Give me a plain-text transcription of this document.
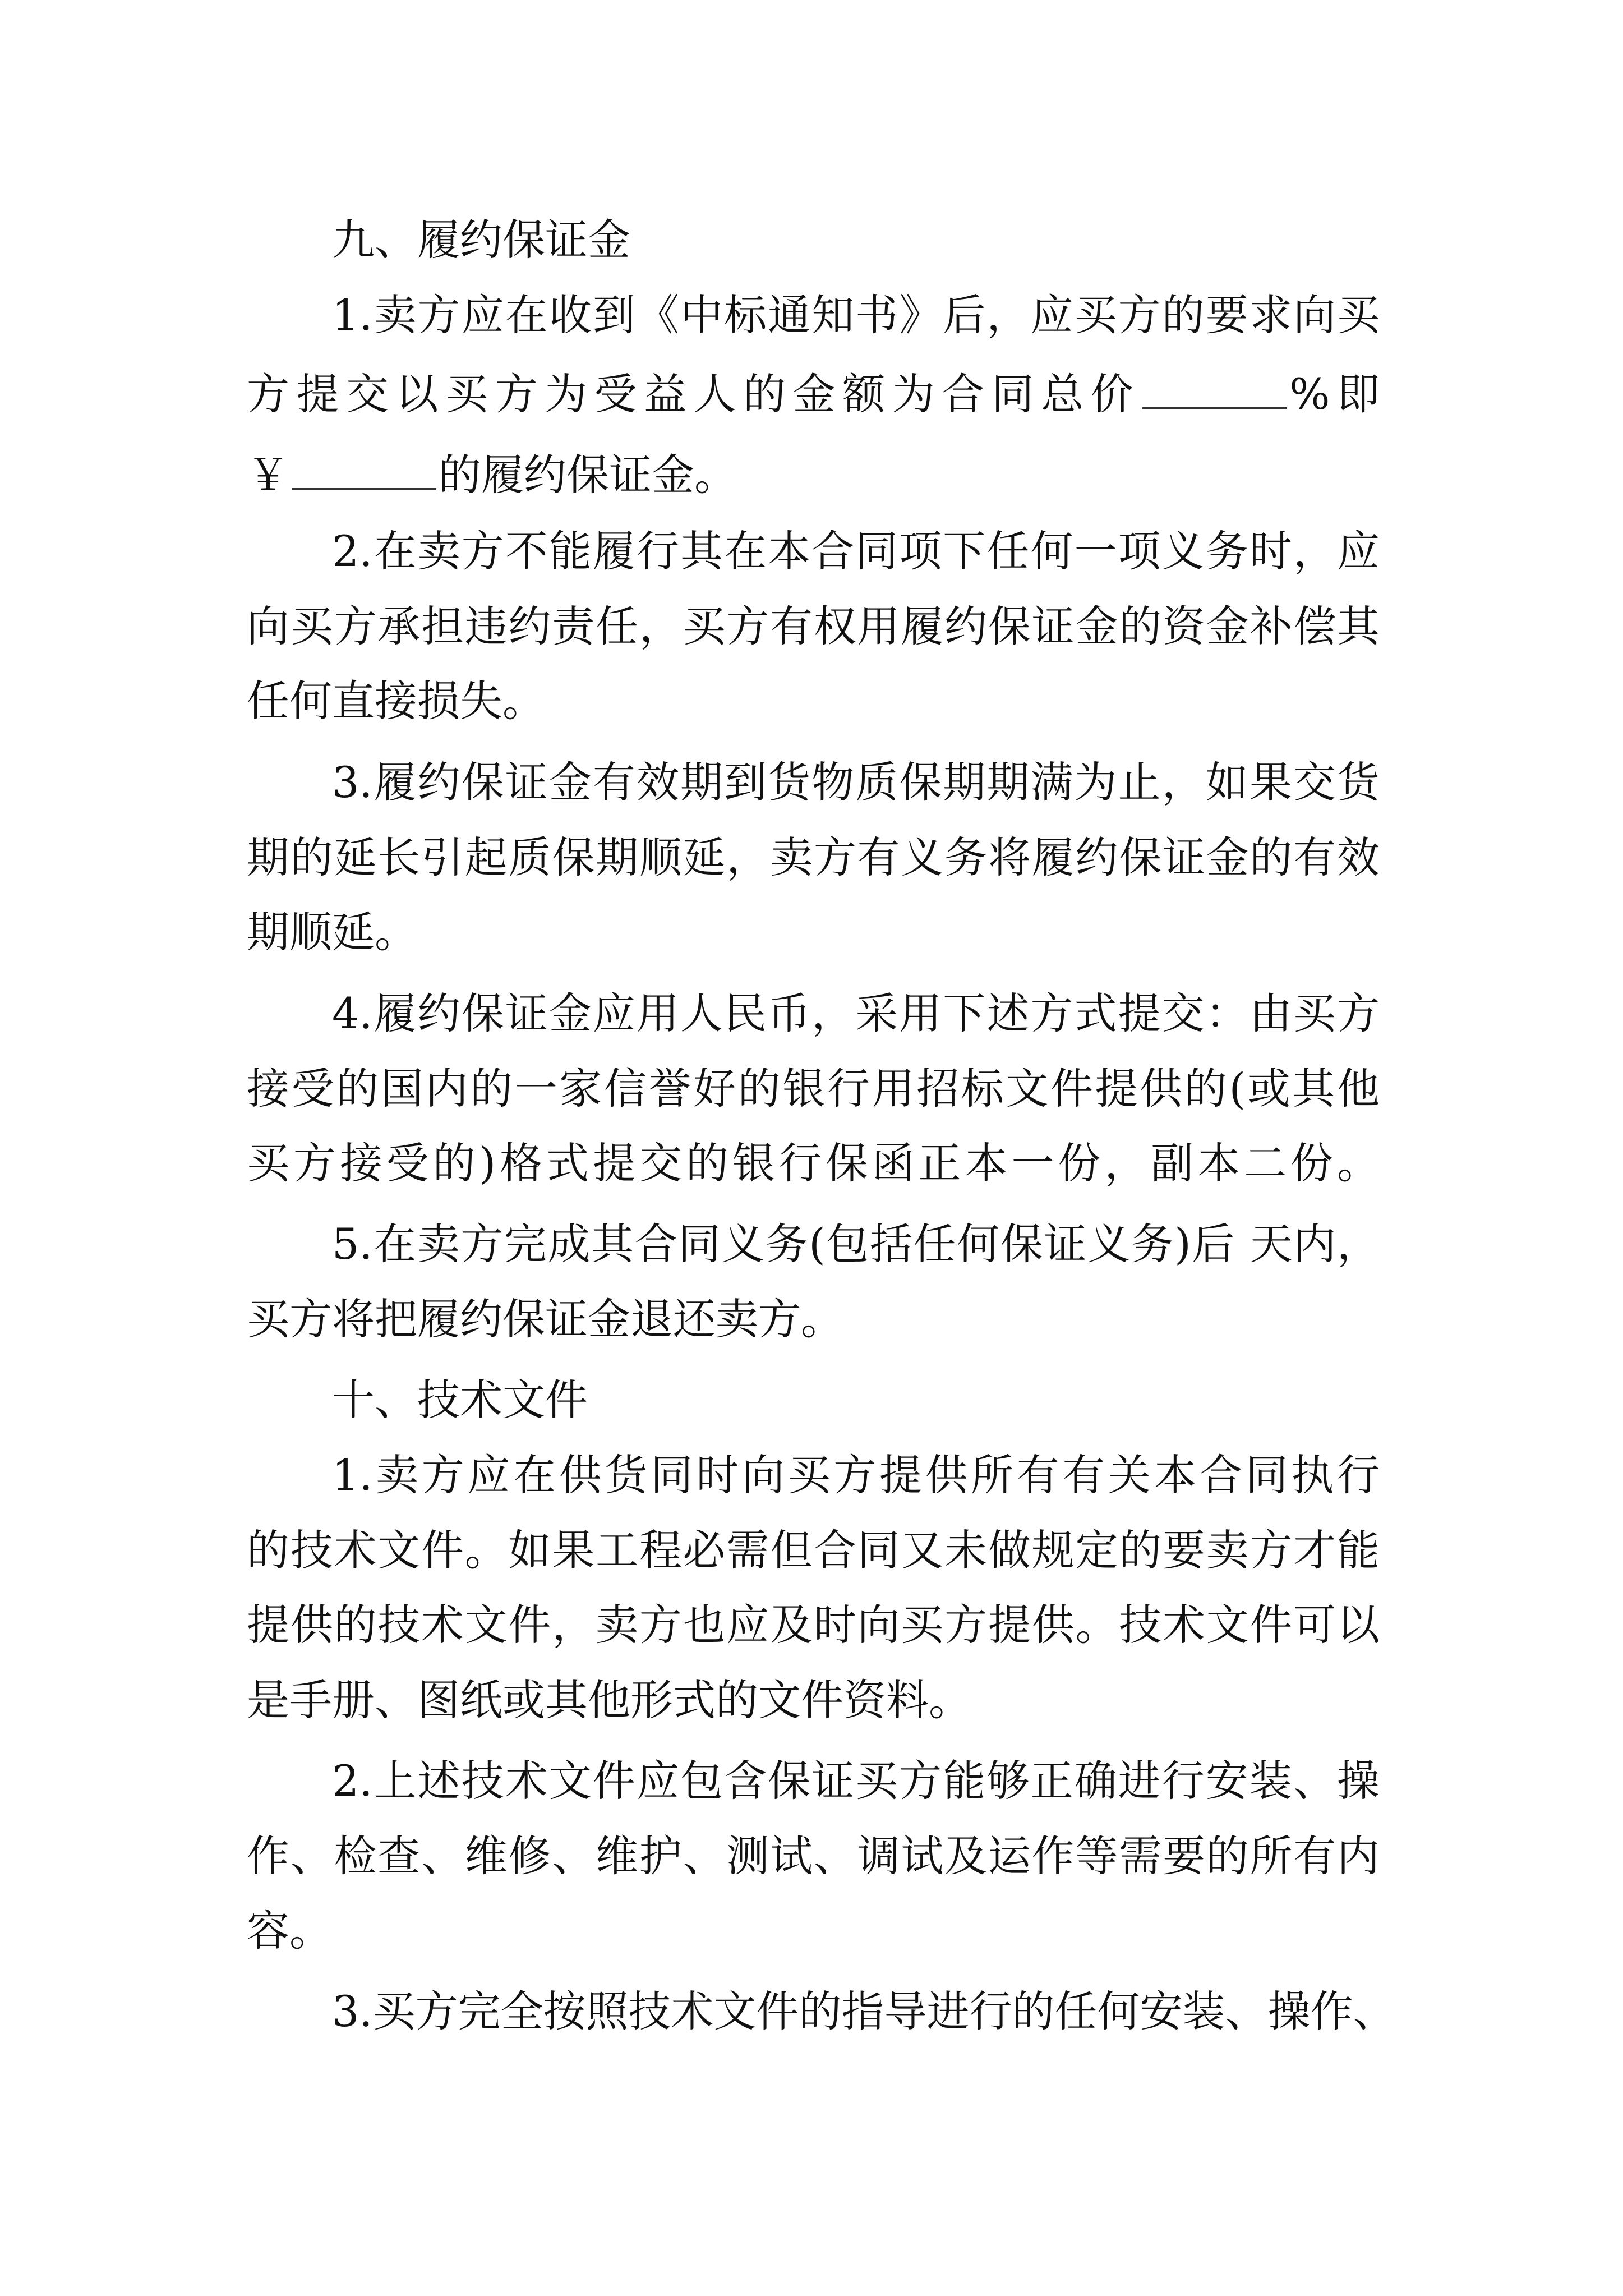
九、履约保证金
1.卖方应在收到《中标通知书》后，应买方的要求向买
方提交以买方为受益人的金额为合同总价	%即
￥	的履约保证金。
2.在卖方不能履行其在本合同项下任何一项义务时，应
向买方承担违约责任，买方有权用履约保证金的资金补偿其
任何直接损失。
3.履约保证金有效期到货物质保期期满为止，如果交货
期的延长引起质保期顺延，卖方有义务将履约保证金的有效
期顺延。
4.履约保证金应用人民币，采用下述方式提交：由买方
接受的国内的一家信誉好的银行用招标文件提供的(或其他
买方接受的)格式提交的银行保函正本一份，副本二份。
5.在卖方完成其合同义务(包括任何保证义务)后 天内，
买方将把履约保证金退还卖方。
十、技术文件
1.卖方应在供货同时向买方提供所有有关本合同执行
的技术文件。如果工程必需但合同又未做规定的要卖方才能
提供的技术文件，卖方也应及时向买方提供。技术文件可以
是手册、图纸或其他形式的文件资料。
2.上述技术文件应包含保证买方能够正确进行安装、操
作、检查、维修、维护、测试、调试及运作等需要的所有内
容。
3.买方完全按照技术文件的指导进行的任何安装、操作、
